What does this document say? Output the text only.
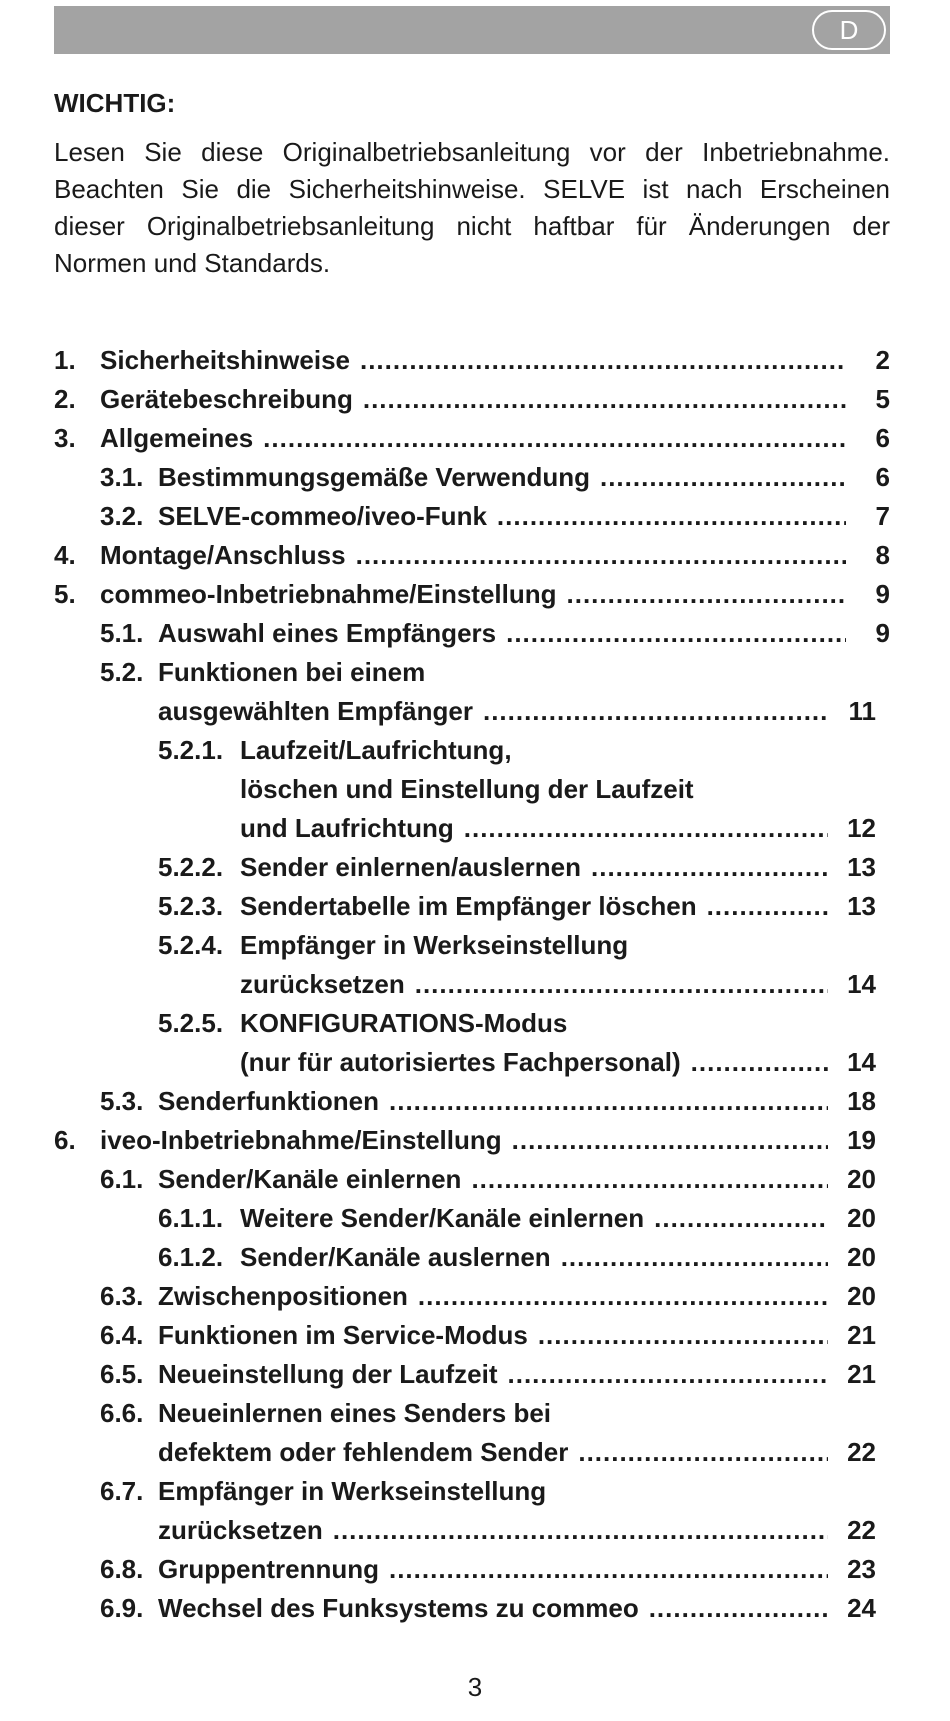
D
WICHTIG:

Lesen Sie diese Originalbetriebsanleitung vor der Inbetriebnahme. Beachten Sie die Sicherheitshinweise. SELVE ist nach Erscheinen dieser Originalbetriebsanleitung nicht haftbar für Änderungen der Normen und Standards.

1. Sicherheitshinweise .....	2
2. Gerätebeschreibung .....	5
3. Allgemeines .....	6
3.1. Bestimmungsgemäße Verwendung .....	6
3.2. SELVE-commeo/iveo-Funk .....	7
4. Montage/Anschluss .....	8
5. commeo-Inbetriebnahme/Einstellung .....	9
5.1. Auswahl eines Empfängers .....	9
5.2. Funktionen bei einem
ausgewählten Empfänger .....	11
5.2.1. Laufzeit/Laufrichtung,
löschen und Einstellung der Laufzeit
und Laufrichtung .....	12
5.2.2. Sender einlernen/auslernen .....	13
5.2.3. Sendertabelle im Empfänger löschen .....	13
5.2.4. Empfänger in Werkseinstellung
zurücksetzen .....	14
5.2.5. KONFIGURATIONS-Modus
(nur für autorisiertes Fachpersonal) .....	14
5.3. Senderfunktionen .....	18
6. iveo-Inbetriebnahme/Einstellung .....	19
6.1. Sender/Kanäle einlernen .....	20
6.1.1. Weitere Sender/Kanäle einlernen .....	20
6.1.2. Sender/Kanäle auslernen .....	20
6.3. Zwischenpositionen .....	20
6.4. Funktionen im Service-Modus .....	21
6.5. Neueinstellung der Laufzeit .....	21
6.6. Neueinlernen eines Senders bei
defektem oder fehlendem Sender .....	22
6.7. Empfänger in Werkseinstellung
zurücksetzen .....	22
6.8. Gruppentrennung .....	23
6.9. Wechsel des Funksystems zu commeo .....	24
3
